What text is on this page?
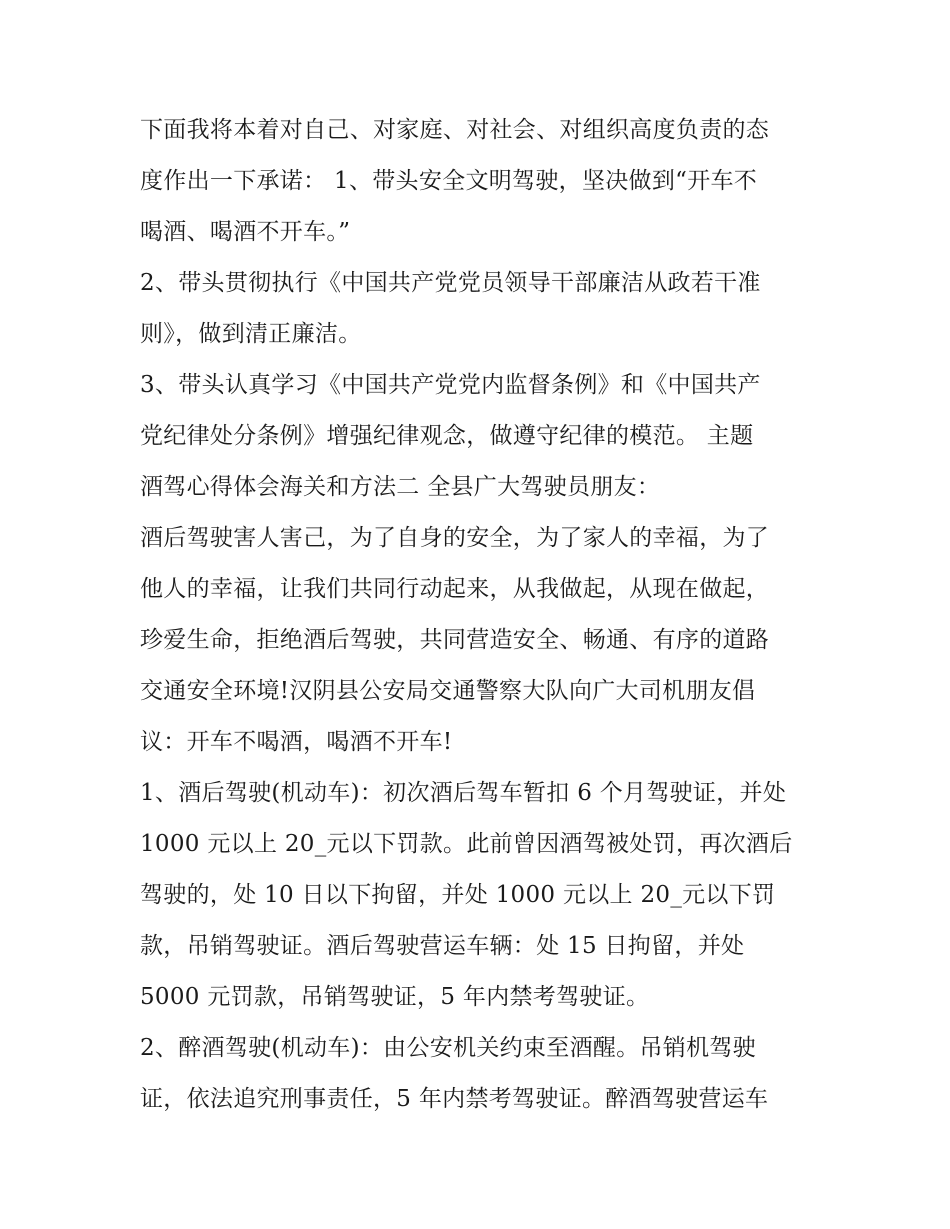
下面我将本着对自己、对家庭、对社会、对组织高度负责的态
度作出一下承诺： 1、带头安全文明驾驶，坚决做到“开车不
喝酒、喝酒不开车。”
2、带头贯彻执行《中国共产党党员领导干部廉洁从政若干准
则》，做到清正廉洁。
3、带头认真学习《中国共产党党内监督条例》和《中国共产
党纪律处分条例》增强纪律观念，做遵守纪律的模范。 主题
酒驾心得体会海关和方法二 全县广大驾驶员朋友：
酒后驾驶害人害己，为了自身的安全，为了家人的幸福，为了
他人的幸福，让我们共同行动起来，从我做起，从现在做起，
珍爱生命，拒绝酒后驾驶，共同营造安全、畅通、有序的道路
交通安全环境!汉阴县公安局交通警察大队向广大司机朋友倡
议：开车不喝酒，喝酒不开车!
1、酒后驾驶(机动车)：初次酒后驾车暂扣 6 个月驾驶证，并处
1000 元以上 20_元以下罚款。此前曾因酒驾被处罚，再次酒后
驾驶的，处 10 日以下拘留，并处 1000 元以上 20_元以下罚
款，吊销驾驶证。酒后驾驶营运车辆：处 15 日拘留，并处
5000 元罚款，吊销驾驶证，5 年内禁考驾驶证。
2、醉酒驾驶(机动车)：由公安机关约束至酒醒。吊销机驾驶
证，依法追究刑事责任，5 年内禁考驾驶证。醉酒驾驶营运车
